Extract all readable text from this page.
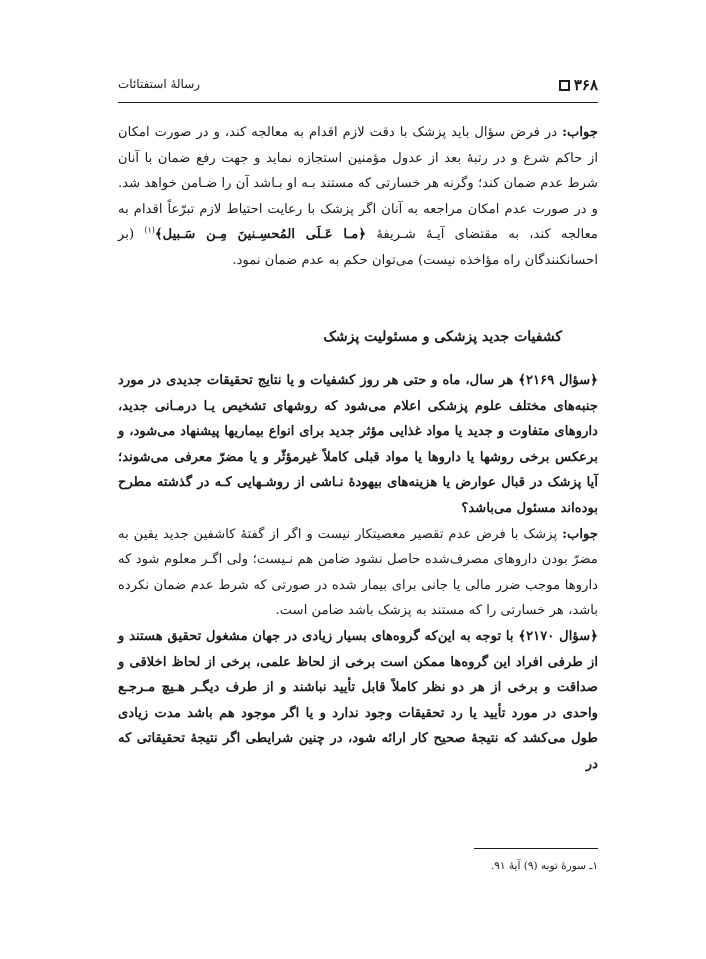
۳۶۸
رسالهٔ استفتائات

جواب: در فرض سؤال باید پزشک با دقت لازم اقدام به معالجه کند، و در صورت امکان از حاکم شرع و در رتبهٔ بعد از عدول مؤمنین استجازه نماید و جهت رفع ضمان با آنان شرط عدم ضمان کند؛ وگرنه هر خسارتی که مستند بـه او بـاشد آن را ضـامن خواهد شد. و در صورت عدم امکان مراجعه به آنان اگر پزشک با رعایت احتیاط لازم تبرّعاً اقدام به معالجه کند، به مقتضای آیـهٔ شـریفهٔ ﴿مـا عَـلَى المُحسِـنينَ مِـن سَـبيل﴾$^{(۱)}$ (بر احسانکنندگان راه مؤاخذه نیست) می‌توان حکم به عدم ضمان نمود.

کشفیات جدید پزشکی و مسئولیت پزشک

﴿سؤال ۲۱۶۹﴾ هر سال، ماه و حتی هر روز کشفیات و یا نتایج تحقیقات جدیدی در مورد جنبه‌های مختلف علوم پزشکی اعلام می‌شود که روشهای تشخیص یـا درمـانی جدید، داروهای متفاوت و جدید یا مواد غذایی مؤثر جدید برای انواع بیماریها پیشنهاد می‌شود، و برعکس برخی روشها یا داروها یا مواد قبلی کاملاً غیرمؤثّر و یا مضرّ معرفی می‌شوند؛ آیا پزشک در قبال عوارض یا هزینه‌های بیهودهٔ نـاشی از روشـهایی کـه در گذشته مطرح بوده‌اند مسئول می‌باشد؟

جواب: پزشک با فرض عدم تقصیر معصیتکار نیست و اگر از گفتهٔ کاشفین جدید یقین به مضرّ بودن داروهای مصرف‌شده حاصل نشود ضامن هم نـیست؛ ولی اگـر معلوم شود که داروها موجب ضرر مالی یا جانی برای بیمار شده در صورتی که شرط عدم ضمان نکرده باشد، هر خسارتی را که مستند به پزشک باشد ضامن است.

﴿سؤال ۲۱۷۰﴾ با توجه به این‌که گروه‌های بسیار زیادی در جهان مشغول تحقیق هستند و از طرفی افراد این گروه‌ها ممکن است برخی از لحاظ علمی، برخی از لحاظ اخلاقی و صداقت و برخی از هر دو نظر کاملاً قابل تأیید نباشند و از طرف دیگـر هـیچ مـرجـع واحدی در مورد تأیید یا رد تحقیقات وجود ندارد و یا اگر موجود هم باشد مدت زیادی طول می‌کشد که نتیجهٔ صحیح کار ارائه شود، در چنین شرایطی اگر نتیجهٔ تحقیقاتی که در

۱ـ سورهٔ توبه (۹) آیهٔ ۹۱.
